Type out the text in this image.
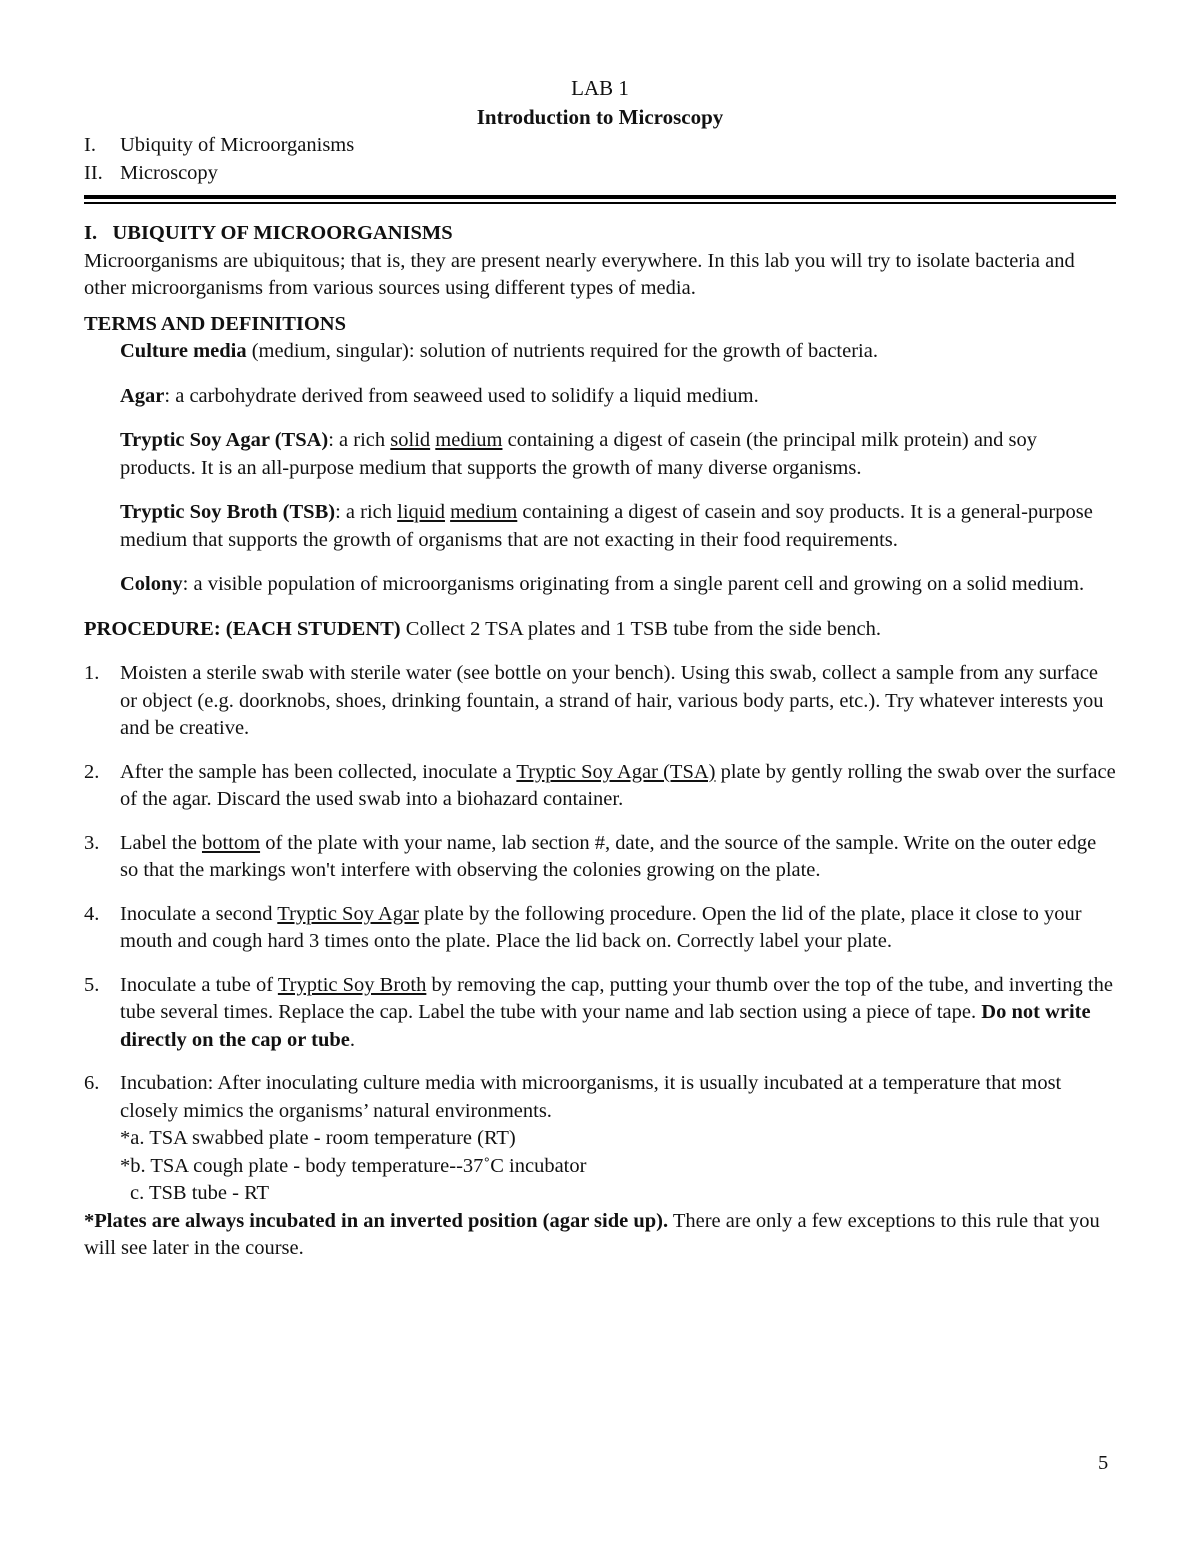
LAB 1
Introduction to Microscopy
I.	Ubiquity of Microorganisms
II. Microscopy
I.   UBIQUITY OF MICROORGANISMS

Microorganisms are ubiquitous; that is, they are present nearly everywhere. In this lab you will try to isolate bacteria and other microorganisms from various sources using different types of media.

TERMS AND DEFINITIONS

Culture media (medium, singular): solution of nutrients required for the growth of bacteria.

Agar: a carbohydrate derived from seaweed used to solidify a liquid medium.

Tryptic Soy Agar (TSA): a rich solid medium containing a digest of casein (the principal milk protein) and soy products. It is an all-purpose medium that supports the growth of many diverse organisms.

Tryptic Soy Broth (TSB): a rich liquid medium containing a digest of casein and soy products. It is a general-purpose medium that supports the growth of organisms that are not exacting in their food requirements.

Colony: a visible population of microorganisms originating from a single parent cell and growing on a solid medium.

PROCEDURE: (EACH STUDENT) Collect 2 TSA plates and 1 TSB tube from the side bench.

1.	Moisten a sterile swab with sterile water (see bottle on your bench). Using this swab, collect a sample from any surface or object (e.g. doorknobs, shoes, drinking fountain, a strand of hair, various body parts, etc.). Try whatever interests you and be creative.
2.	After the sample has been collected, inoculate a Tryptic Soy Agar (TSA) plate by gently rolling the swab over the surface of the agar. Discard the used swab into a biohazard container.
3.	Label the bottom of the plate with your name, lab section #, date, and the source of the sample. Write on the outer edge so that the markings won't interfere with observing the colonies growing on the plate.
4.	Inoculate a second Tryptic Soy Agar plate by the following procedure. Open the lid of the plate, place it close to your mouth and cough hard 3 times onto the plate. Place the lid back on. Correctly label your plate.
5.	Inoculate a tube of Tryptic Soy Broth by removing the cap, putting your thumb over the top of the tube, and inverting the tube several times. Replace the cap. Label the tube with your name and lab section using a piece of tape. Do not write directly on the cap or tube.
6.	Incubation: After inoculating culture media with microorganisms, it is usually incubated at a temperature that most closely mimics the organisms’ natural environments.
*a. TSA swabbed plate - room temperature (RT)
*b. TSA cough plate - body temperature--37˚C incubator
c. TSB tube - RT

*Plates are always incubated in an inverted position (agar side up). There are only a few exceptions to this rule that you will see later in the course.

5
